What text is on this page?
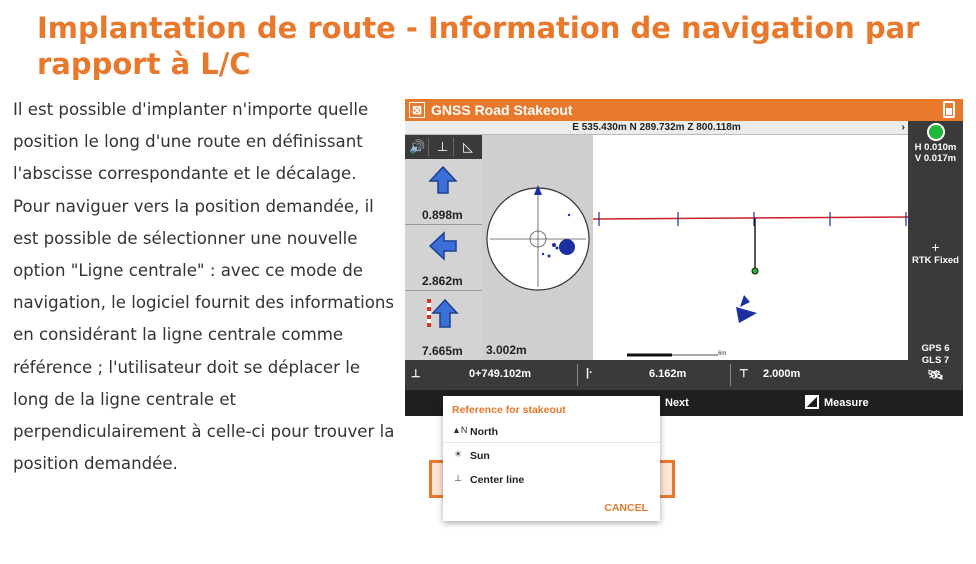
Implantation de route - Information de navigation par rapport à L/C
Il est possible d'implanter n'importe quelle position le long d'une route en définissant l'abscisse correspondante et le décalage. Pour naviguer vers la position demandée, il est possible de sélectionner une nouvelle option "Ligne centrale" : avec ce mode de navigation, le logiciel fournit des informations en considérant la ligne centrale comme référence ; l'utilisateur doit se déplacer le long de la ligne centrale et perpendiculairement à celle-ci pour trouver la position demandée.
⊠ GNSS Road Stakeout
E 535.430m N 289.732m Z 800.118m	›
🔊 ⊥	◺
0.898m
2.862m
7.665m	6m
3.002m
H 0.010m
V 0.017m
+
RTK Fixed
GPS 6
GLS 7
🛰
⊥	0+749.102m	|·	6.162m	⊤ 2.000m
Next	Measure
Reference for stakeout
▲N North
☀ Sun
⊥ Center line
CANCEL
